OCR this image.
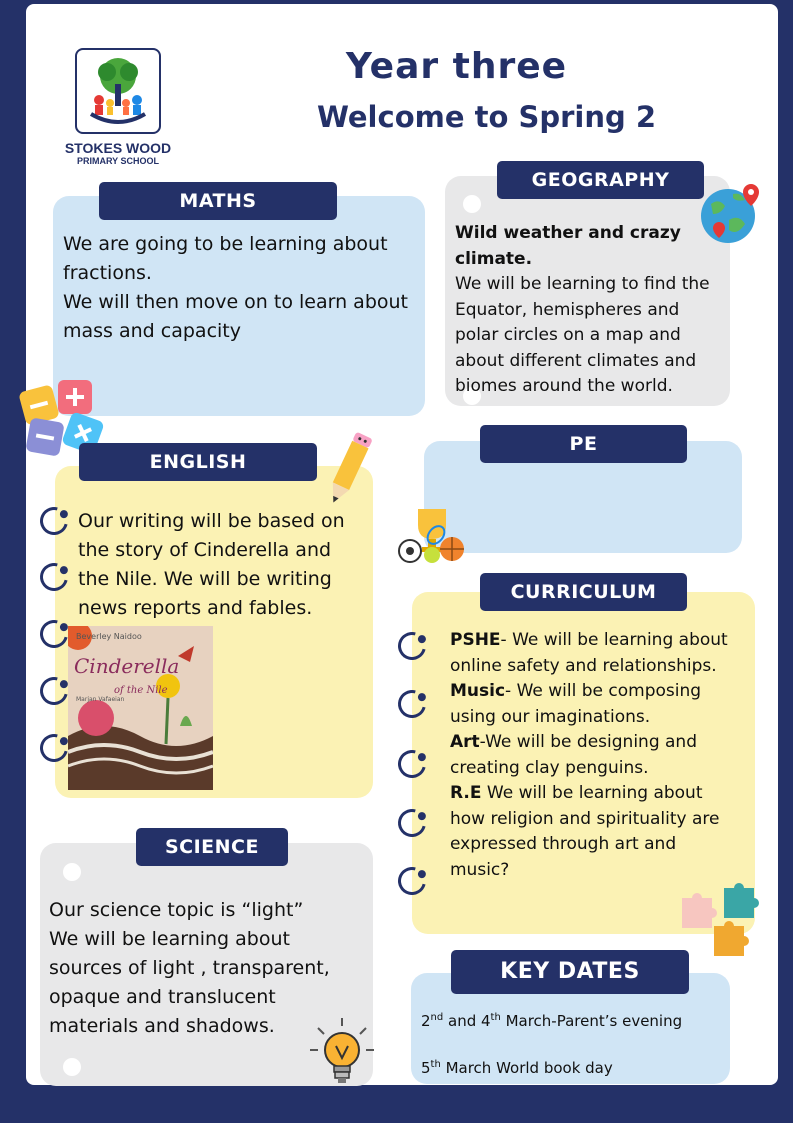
STOKES WOOD
PRIMARY SCHOOL
Year three
Welcome to Spring 2
MATHS
We are going to be learning about fractions.
We will then move on to learn about mass and capacity
GEOGRAPHY
Wild weather and crazy climate.
We will be learning to find the Equator, hemispheres and polar circles on a map and about different climates and biomes around the world.
ENGLISH
Our writing will be based on the story of Cinderella and the Nile. We will be writing news reports and fables.
Beverley Naidoo
Cinderella
of the Nile
Marjan Vafaeian
PE
CURRICULUM
PSHE- We will be learning about online safety and relationships.
Music- We will be composing using our imaginations.
Art-We will be designing and creating clay penguins.
R.E We will be learning about how religion and spirituality are expressed through art and music?
SCIENCE
Our science topic is “light”
We will be learning about sources of light , transparent, opaque and translucent materials and shadows.
KEY DATES
2nd and 4th March-Parent’s evening
5th March World book day
